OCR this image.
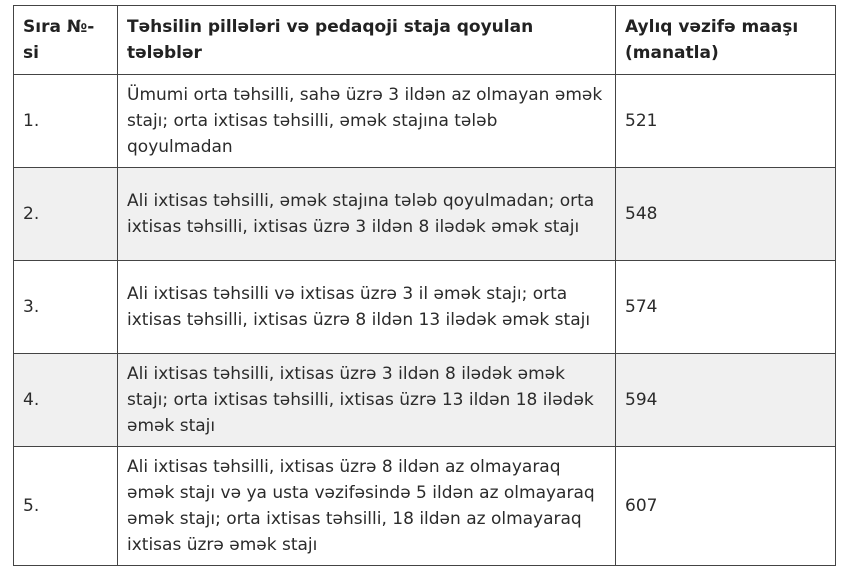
Sıra №-si	Təhsilin pillələri və pedaqoji staja qoyulan tələblər	Aylıq vəzifə maaşı (manatla)
1.	Ümumi orta təhsilli, sahə üzrə 3 ildən az olmayan əmək stajı; orta ixtisas təhsilli, əmək stajına tələb qoyulmadan	521
2.	Ali ixtisas təhsilli, əmək stajına tələb qoyulmadan; orta ixtisas təhsilli, ixtisas üzrə 3 ildən 8 ilədək əmək stajı	548
3.	Ali ixtisas təhsilli və ixtisas üzrə 3 il əmək stajı; orta ixtisas təhsilli, ixtisas üzrə 8 ildən 13 ilədək əmək stajı	574
4.	Ali ixtisas təhsilli, ixtisas üzrə 3 ildən 8 ilədək əmək stajı; orta ixtisas təhsilli, ixtisas üzrə 13 ildən 18 ilədək əmək stajı	594
5.	Ali ixtisas təhsilli, ixtisas üzrə 8 ildən az olmayaraq əmək stajı və ya usta vəzifəsində 5 ildən az olmayaraq əmək stajı; orta ixtisas təhsilli, 18 ildən az olmayaraq ixtisas üzrə əmək stajı	607
